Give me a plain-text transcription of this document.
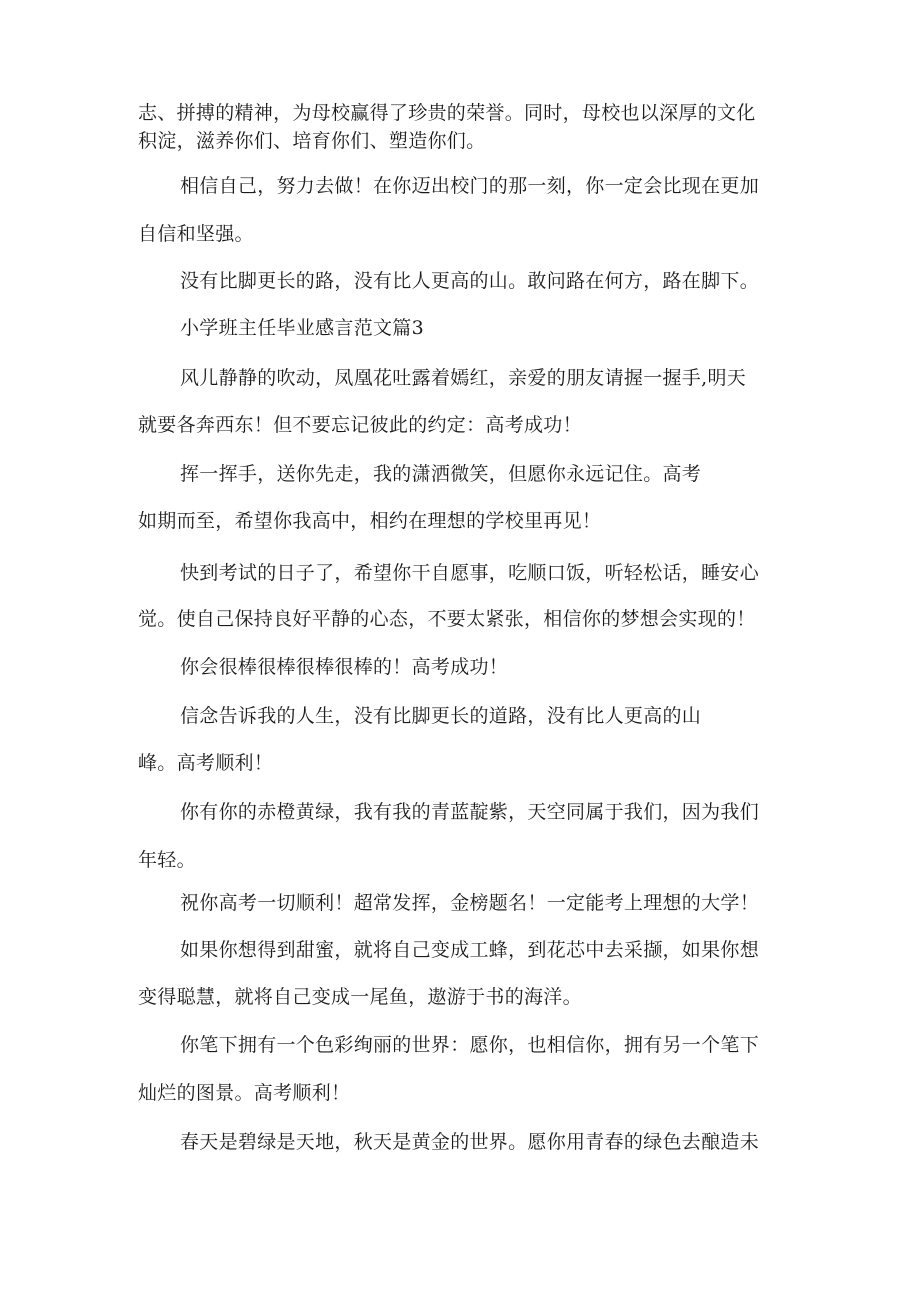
志、拼搏的精神，为母校赢得了珍贵的荣誉。同时，母校也以深厚的文化
积淀，滋养你们、培育你们、塑造你们。
相信自己，努力去做！在你迈出校门的那一刻，你一定会比现在更加
自信和坚强。
没有比脚更长的路，没有比人更高的山。敢问路在何方，路在脚下。
小学班主任毕业感言范文篇3
风儿静静的吹动，凤凰花吐露着嫣红，亲爱的朋友请握一握手,明天
就要各奔西东！但不要忘记彼此的约定：高考成功！
挥一挥手，送你先走，我的潇洒微笑，但愿你永远记住。高考
如期而至，希望你我高中，相约在理想的学校里再见！
快到考试的日子了，希望你干自愿事，吃顺口饭，听轻松话，睡安心
觉。使自己保持良好平静的心态，不要太紧张，相信你的梦想会实现的！
你会很棒很棒很棒很棒的！高考成功！
信念告诉我的人生，没有比脚更长的道路，没有比人更高的山
峰。高考顺利！
你有你的赤橙黄绿，我有我的青蓝靛紫，天空同属于我们，因为我们
年轻。
祝你高考一切顺利！超常发挥，金榜题名！一定能考上理想的大学！
如果你想得到甜蜜，就将自己变成工蜂，到花芯中去采撷，如果你想
变得聪慧，就将自己变成一尾鱼，遨游于书的海洋。
你笔下拥有一个色彩绚丽的世界：愿你，也相信你，拥有另一个笔下
灿烂的图景。高考顺利！
春天是碧绿是天地，秋天是黄金的世界。愿你用青春的绿色去酿造未
